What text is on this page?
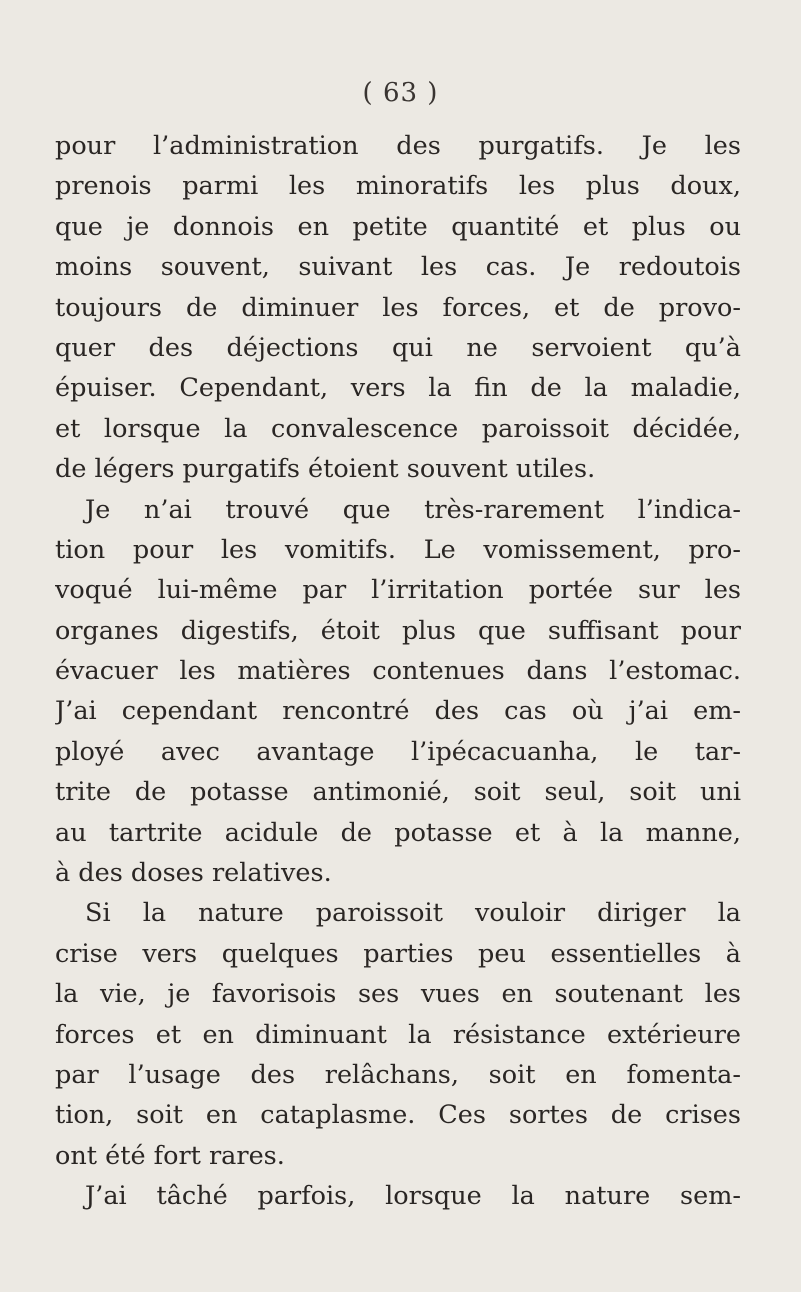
( 63 )
pour l’administration des purgatifs. Je les
prenois parmi les minoratifs les plus doux,
que je donnois en petite quantité et plus ou
moins souvent, suivant les cas. Je redoutois
toujours de diminuer les forces, et de provo-
quer des déjections qui ne servoient qu’à
épuiser. Cependant, vers la fin de la maladie,
et lorsque la convalescence paroissoit décidée,
de légers purgatifs étoient souvent utiles.
Je n’ai trouvé que très-rarement l’indica-
tion pour les vomitifs. Le vomissement, pro-
voqué lui-même par l’irritation portée sur les
organes digestifs, étoit plus que suffisant pour
évacuer les matières contenues dans l’estomac.
J’ai cependant rencontré des cas où j’ai em-
ployé avec avantage l’ipécacuanha, le tar-
trite de potasse antimonié, soit seul, soit uni
au tartrite acidule de potasse et à la manne,
à des doses relatives.
Si la nature paroissoit vouloir diriger la
crise vers quelques parties peu essentielles à
la vie, je favorisois ses vues en soutenant les
forces et en diminuant la résistance extérieure
par l’usage des relâchans, soit en fomenta-
tion, soit en cataplasme. Ces sortes de crises
ont été fort rares.
J’ai tâché parfois, lorsque la nature sem-
